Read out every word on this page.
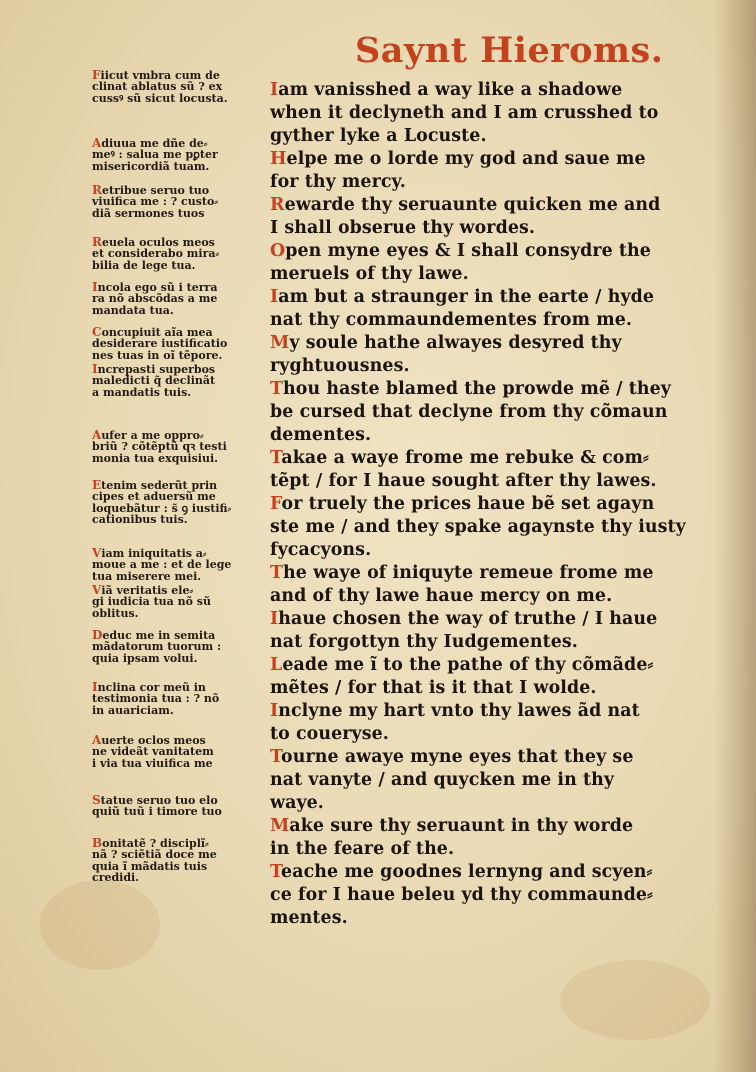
Saynt Hieroms.

Fiicut vmbra cum de
clinat ablatus sũ ? ex
cussꝰ sũ sicut locusta.

Adiuua me dñe de⸗
meꝰ : salua me pꝑter
misericordiã tuam.

Retribue seruo tuo
viuifica me : ? custo⸗
diã sermones tuos

Reuela oculos meos
et considerabo mira⸗
bilia de lege tua.

Incola ego sũ i terra
ra nõ abscõdas a me
mandata tua.

Concupiuit aĩa mea
desiderare iustificatio
nes tuas in oĩ tẽpore.

Increpasti superbos
maledicti q̃ declinãt
a mandatis tuis.

Aufer a me oppro⸗
briũ ? cõtẽptũ qꝛ testi
monia tua exquisiui.

Etenim sederũt prin
cipes et aduersũ me
loquebãtur : s̃ ꝯ iustifi⸗
cationibus tuis.

Viam iniquitatis a⸗
moue a me : et de lege
tua miserere mei.

Viã veritatis ele⸗
gi iudicia tua nõ sũ
oblitus.

Deduc me in semita
mãdatorum tuorum :
quia ipsam volui.

Inclina cor meũ in
testimonia tua : ? nõ
in auariciam.

Auerte oclos meos
ne videãt vanitatem
i via tua viuifica me

Statue seruo tuo elo
quiũ tuũ i timore tuo

Bonitatẽ ? disciplĩ⸗
nã ? sciẽtiã doce me
quia ĩ mãdatis tuis
credidi.

Iam vanisshed a way like a shadowe

when it declyneth and I am crusshed to

gyther lyke a Locuste.

Helpe me o lorde my god and saue me

for thy mercy.

Rewarde thy seruaunte quicken me and

I shall obserue thy wordes.

Open myne eyes & I shall consydre the

meruels of thy lawe.

Iam but a straunger in the earte / hyde

nat thy commaundementes from me.

My soule hathe alwayes desyred thy

ryghtuousnes.

Thou haste blamed the prowde mẽ / they

be cursed that declyne from thy cõmaun

dementes.

Takae a waye frome me rebuke & com⸗

tẽpt / for I haue sought after thy lawes.

For truely the prices haue bẽ set agayn

ste me / and they spake agaynste thy iusty

fycacyons.

The waye of iniquyte remeue frome me

and of thy lawe haue mercy on me.

Ihaue chosen the way of truthe / I haue

nat forgottyn thy Iudgementes.

Leade me ĩ to the pathe of thy cõmãde⸗

mẽtes / for that is it that I wolde.

Inclyne my hart vnto thy lawes ãd nat

to coueryse.

Tourne awaye myne eyes that they se

nat vanyte / and quycken me in thy

waye.

Make sure thy seruaunt in thy worde

in the feare of the.

Teache me goodnes lernyng and scyen⸗

ce for I haue beleu yd thy commaunde⸗

mentes.
